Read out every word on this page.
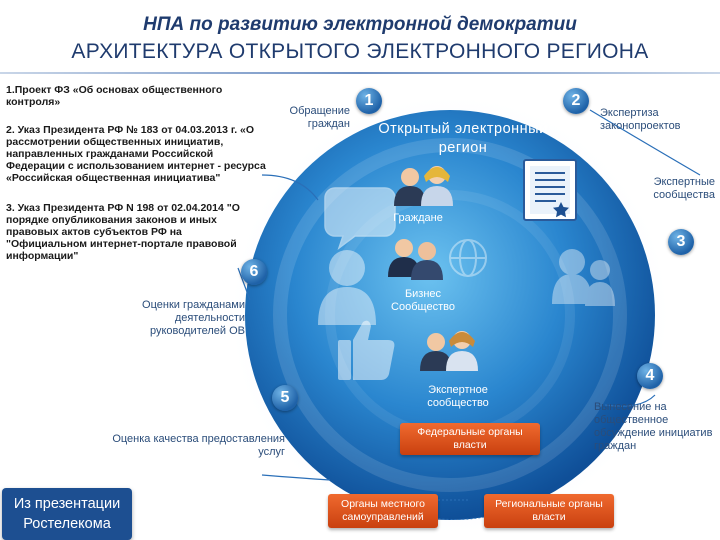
НПА по развитию электронной демократии
АРХИТЕКТУРА ОТКРЫТОГО ЭЛЕКТРОННОГО РЕГИОНА
1.Проект ФЗ «Об основах общественного контроля»
2. Указ Президента РФ № 183 от 04.03.2013 г. «О рассмотрении общественных инициатив, направленных гражданами Российской Федерации с использованием интернет - ресурса «Российская общественная инициатива"
3. Указ Президента РФ N 198 от 02.04.2014 "О порядке опубликования законов и иных правовых актов субъектов РФ на "Официальном интернет-портале правовой информации"
1	2
3
4
5
6
Обращение граждан
Экспертиза законопроектов
Экспертные сообщества
Оценки гражданами деятельности руководителей ОВ
Оценка качества предоставления услуг
Вынесение на общественное обсуждение инициатив граждан
Открытый электронный регион
Граждане
Бизнес Сообщество
Экспертное сообщество
Федеральные органы власти
Органы местного самоуправлений
Региональные органы власти
Из презентации Ростелекома
